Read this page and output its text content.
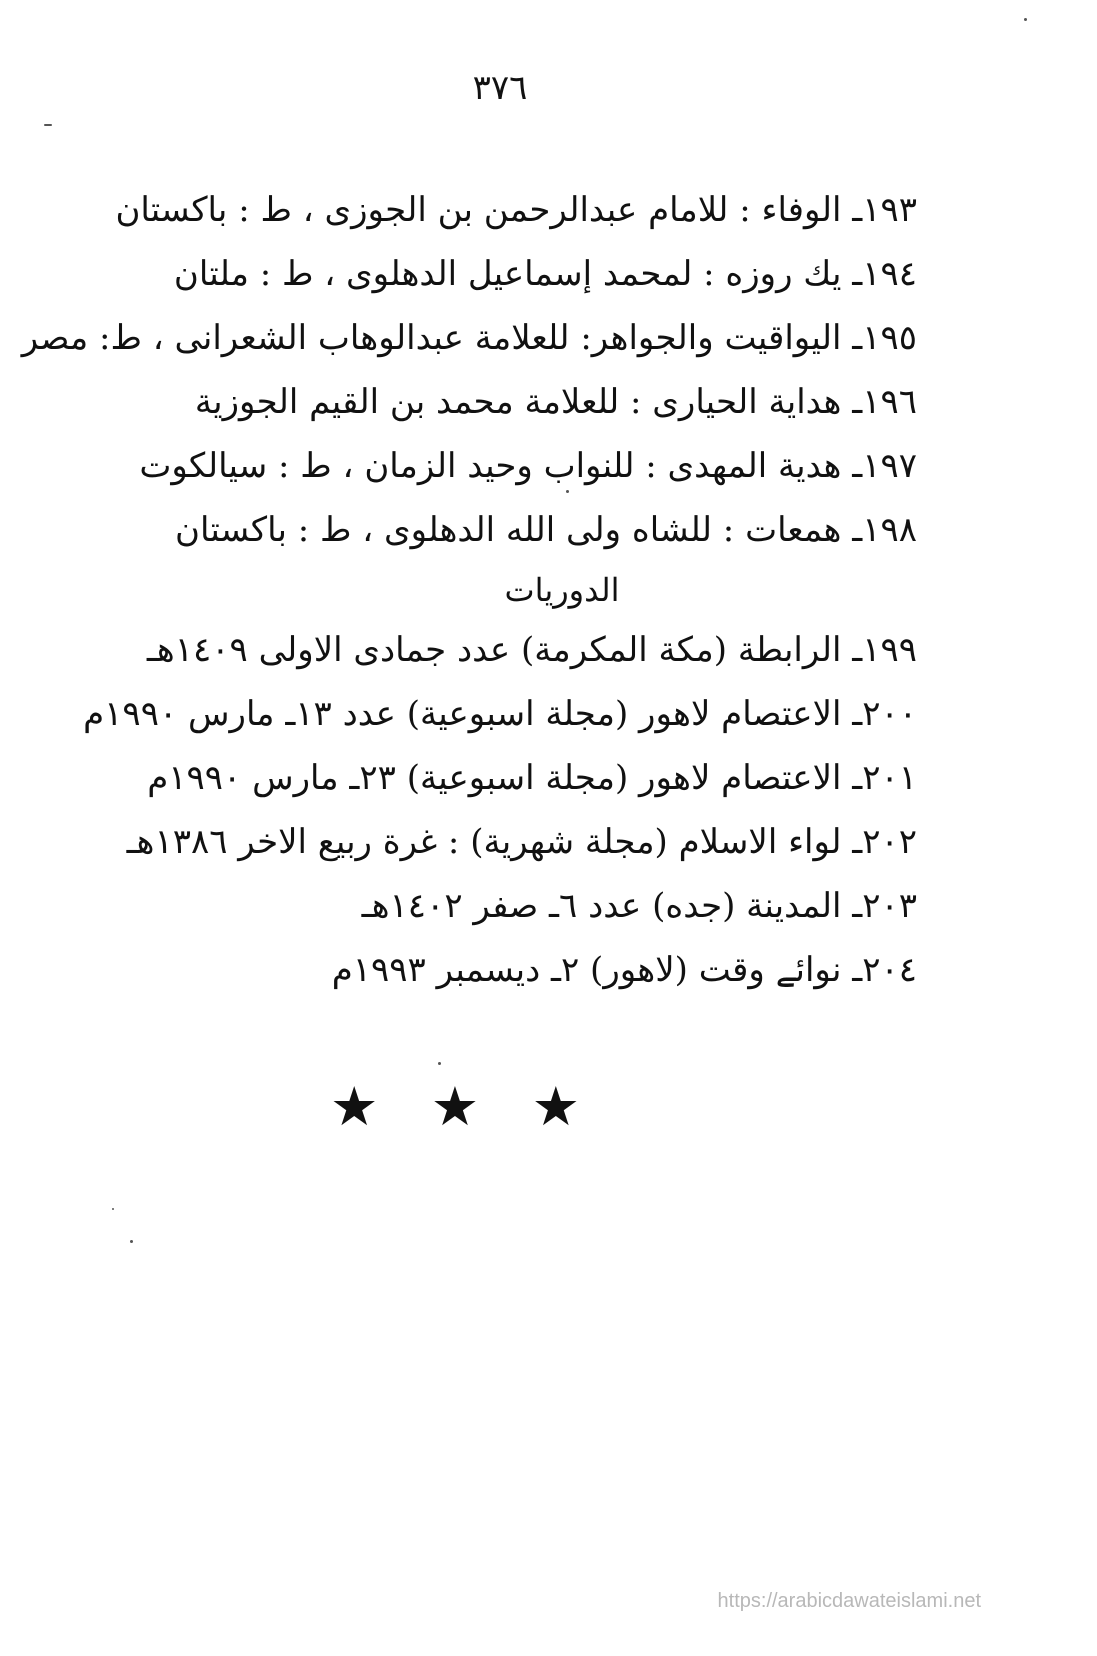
٣٧٦
١٩٣ـ الوفاء : للامام عبدالرحمن بن الجوزى ، ط : باكستان
١٩٤ـ يك روزه : لمحمد إسماعيل الدهلوى ، ط : ملتان
١٩٥ـ اليواقيت والجواهر: للعلامة عبدالوهاب الشعرانى ، ط: مصر
١٩٦ـ هداية الحيارى : للعلامة محمد بن القيم الجوزية
١٩٧ـ هدية المهدى : للنواب وحيد الزمان ، ط : سيالكوت
١٩٨ـ همعات : للشاه ولى الله الدهلوى ، ط : باكستان
الدوريات
١٩٩ـ الرابطة (مكة المكرمة) عدد جمادى الاولى ١٤٠٩هـ
٢٠٠ـ الاعتصام لاهور (مجلة اسبوعية) عدد ١٣ـ مارس ١٩٩٠م
٢٠١ـ الاعتصام لاهور (مجلة اسبوعية) ٢٣ـ مارس ١٩٩٠م
٢٠٢ـ لواء الاسلام (مجلة شهرية) : غرة ربيع الاخر ١٣٨٦هـ
٢٠٣ـ المدينة (جده) عدد ٦ـ صفر ١٤٠٢هـ
٢٠٤ـ نوائے وقت (لاهور) ٢ـ ديسمبر ١٩٩٣م
★ ★ ★
https://arabicdawateislami.net
